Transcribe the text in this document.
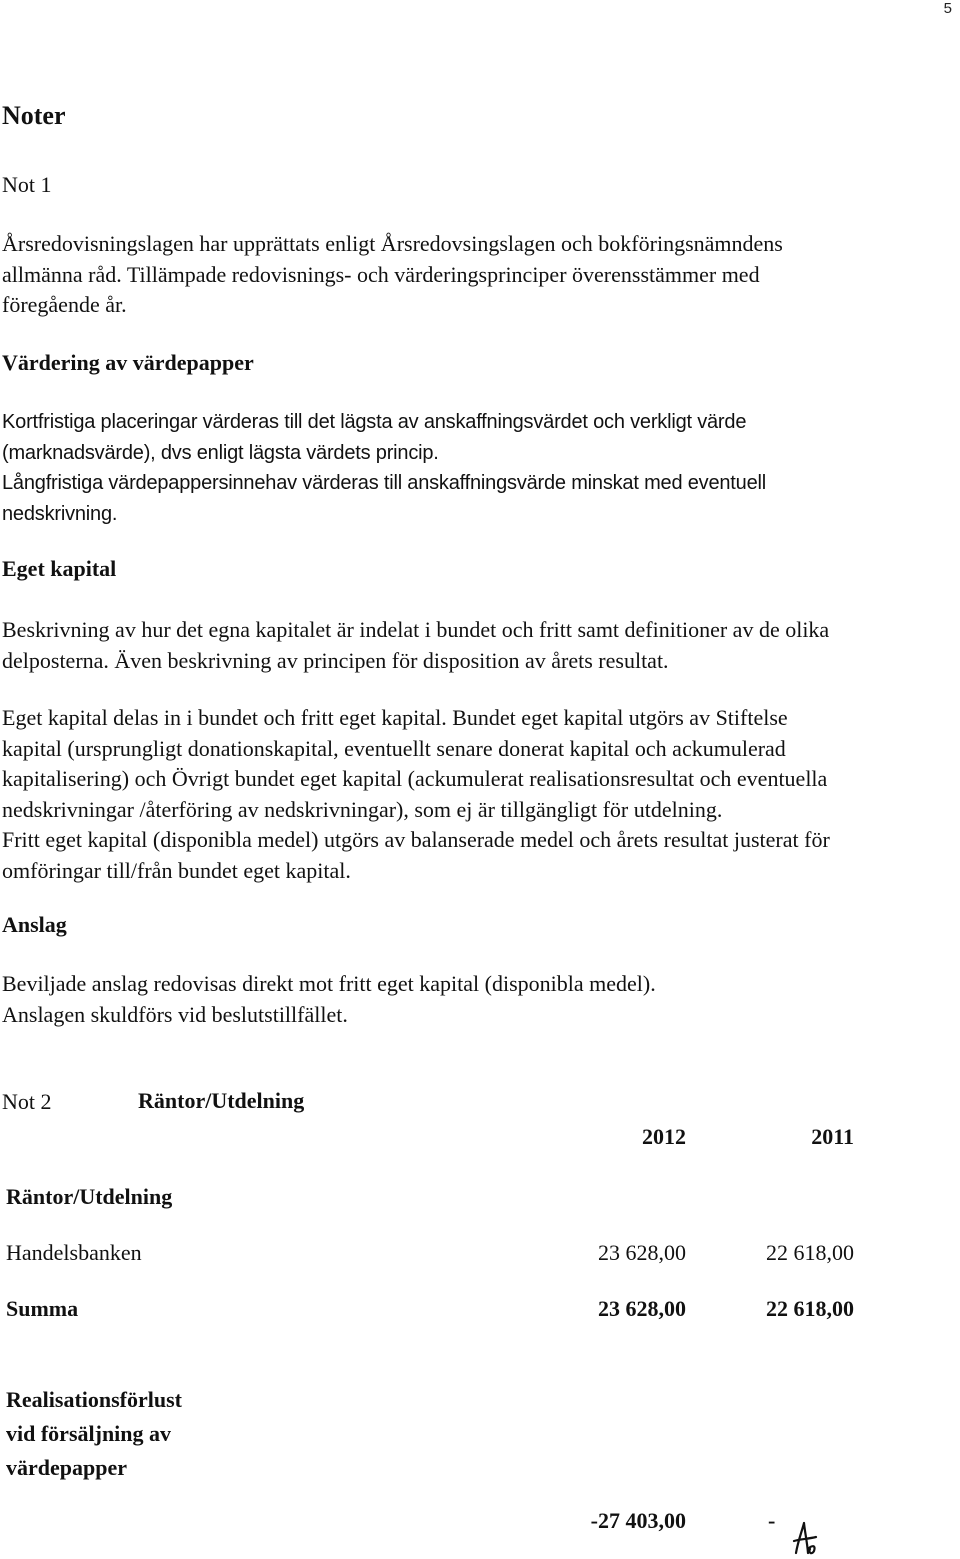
5
Noter
Not 1
Årsredovisningslagen har upprättats enligt Årsredovsingslagen och bokföringsnämndens
allmänna råd. Tillämpade redovisnings- och värderingsprinciper överensstämmer med
föregående år.
Värdering av värdepapper
Kortfristiga placeringar värderas till det lägsta av anskaffningsvärdet och verkligt värde
(marknadsvärde), dvs enligt lägsta värdets princip.
Långfristiga värdepappersinnehav värderas till anskaffningsvärde minskat med eventuell
nedskrivning.
Eget kapital
Beskrivning av hur det egna kapitalet är indelat i bundet och fritt samt definitioner av de olika
delposterna. Även beskrivning av principen för disposition av årets resultat.
Eget kapital delas in i bundet och fritt eget kapital. Bundet eget kapital utgörs av Stiftelse
kapital (ursprungligt donationskapital, eventuellt senare donerat kapital och ackumulerad
kapitalisering) och Övrigt bundet eget kapital (ackumulerat realisationsresultat och eventuella
nedskrivningar /återföring av nedskrivningar), som ej är tillgängligt för utdelning.
Fritt eget kapital (disponibla medel) utgörs av balanserade medel och årets resultat justerat för
omföringar till/från bundet eget kapital.
Anslag
Beviljade anslag redovisas direkt mot fritt eget kapital (disponibla medel).
Anslagen skuldförs vid beslutstillfället.
Not 2	Räntor/Utdelning
2012	2011
Räntor/Utdelning
Handelsbanken	23 628,00	22 618,00
Summa	23 628,00	22 618,00
Realisationsförlust
vid försäljning av
värdepapper
-27 403,00	-
